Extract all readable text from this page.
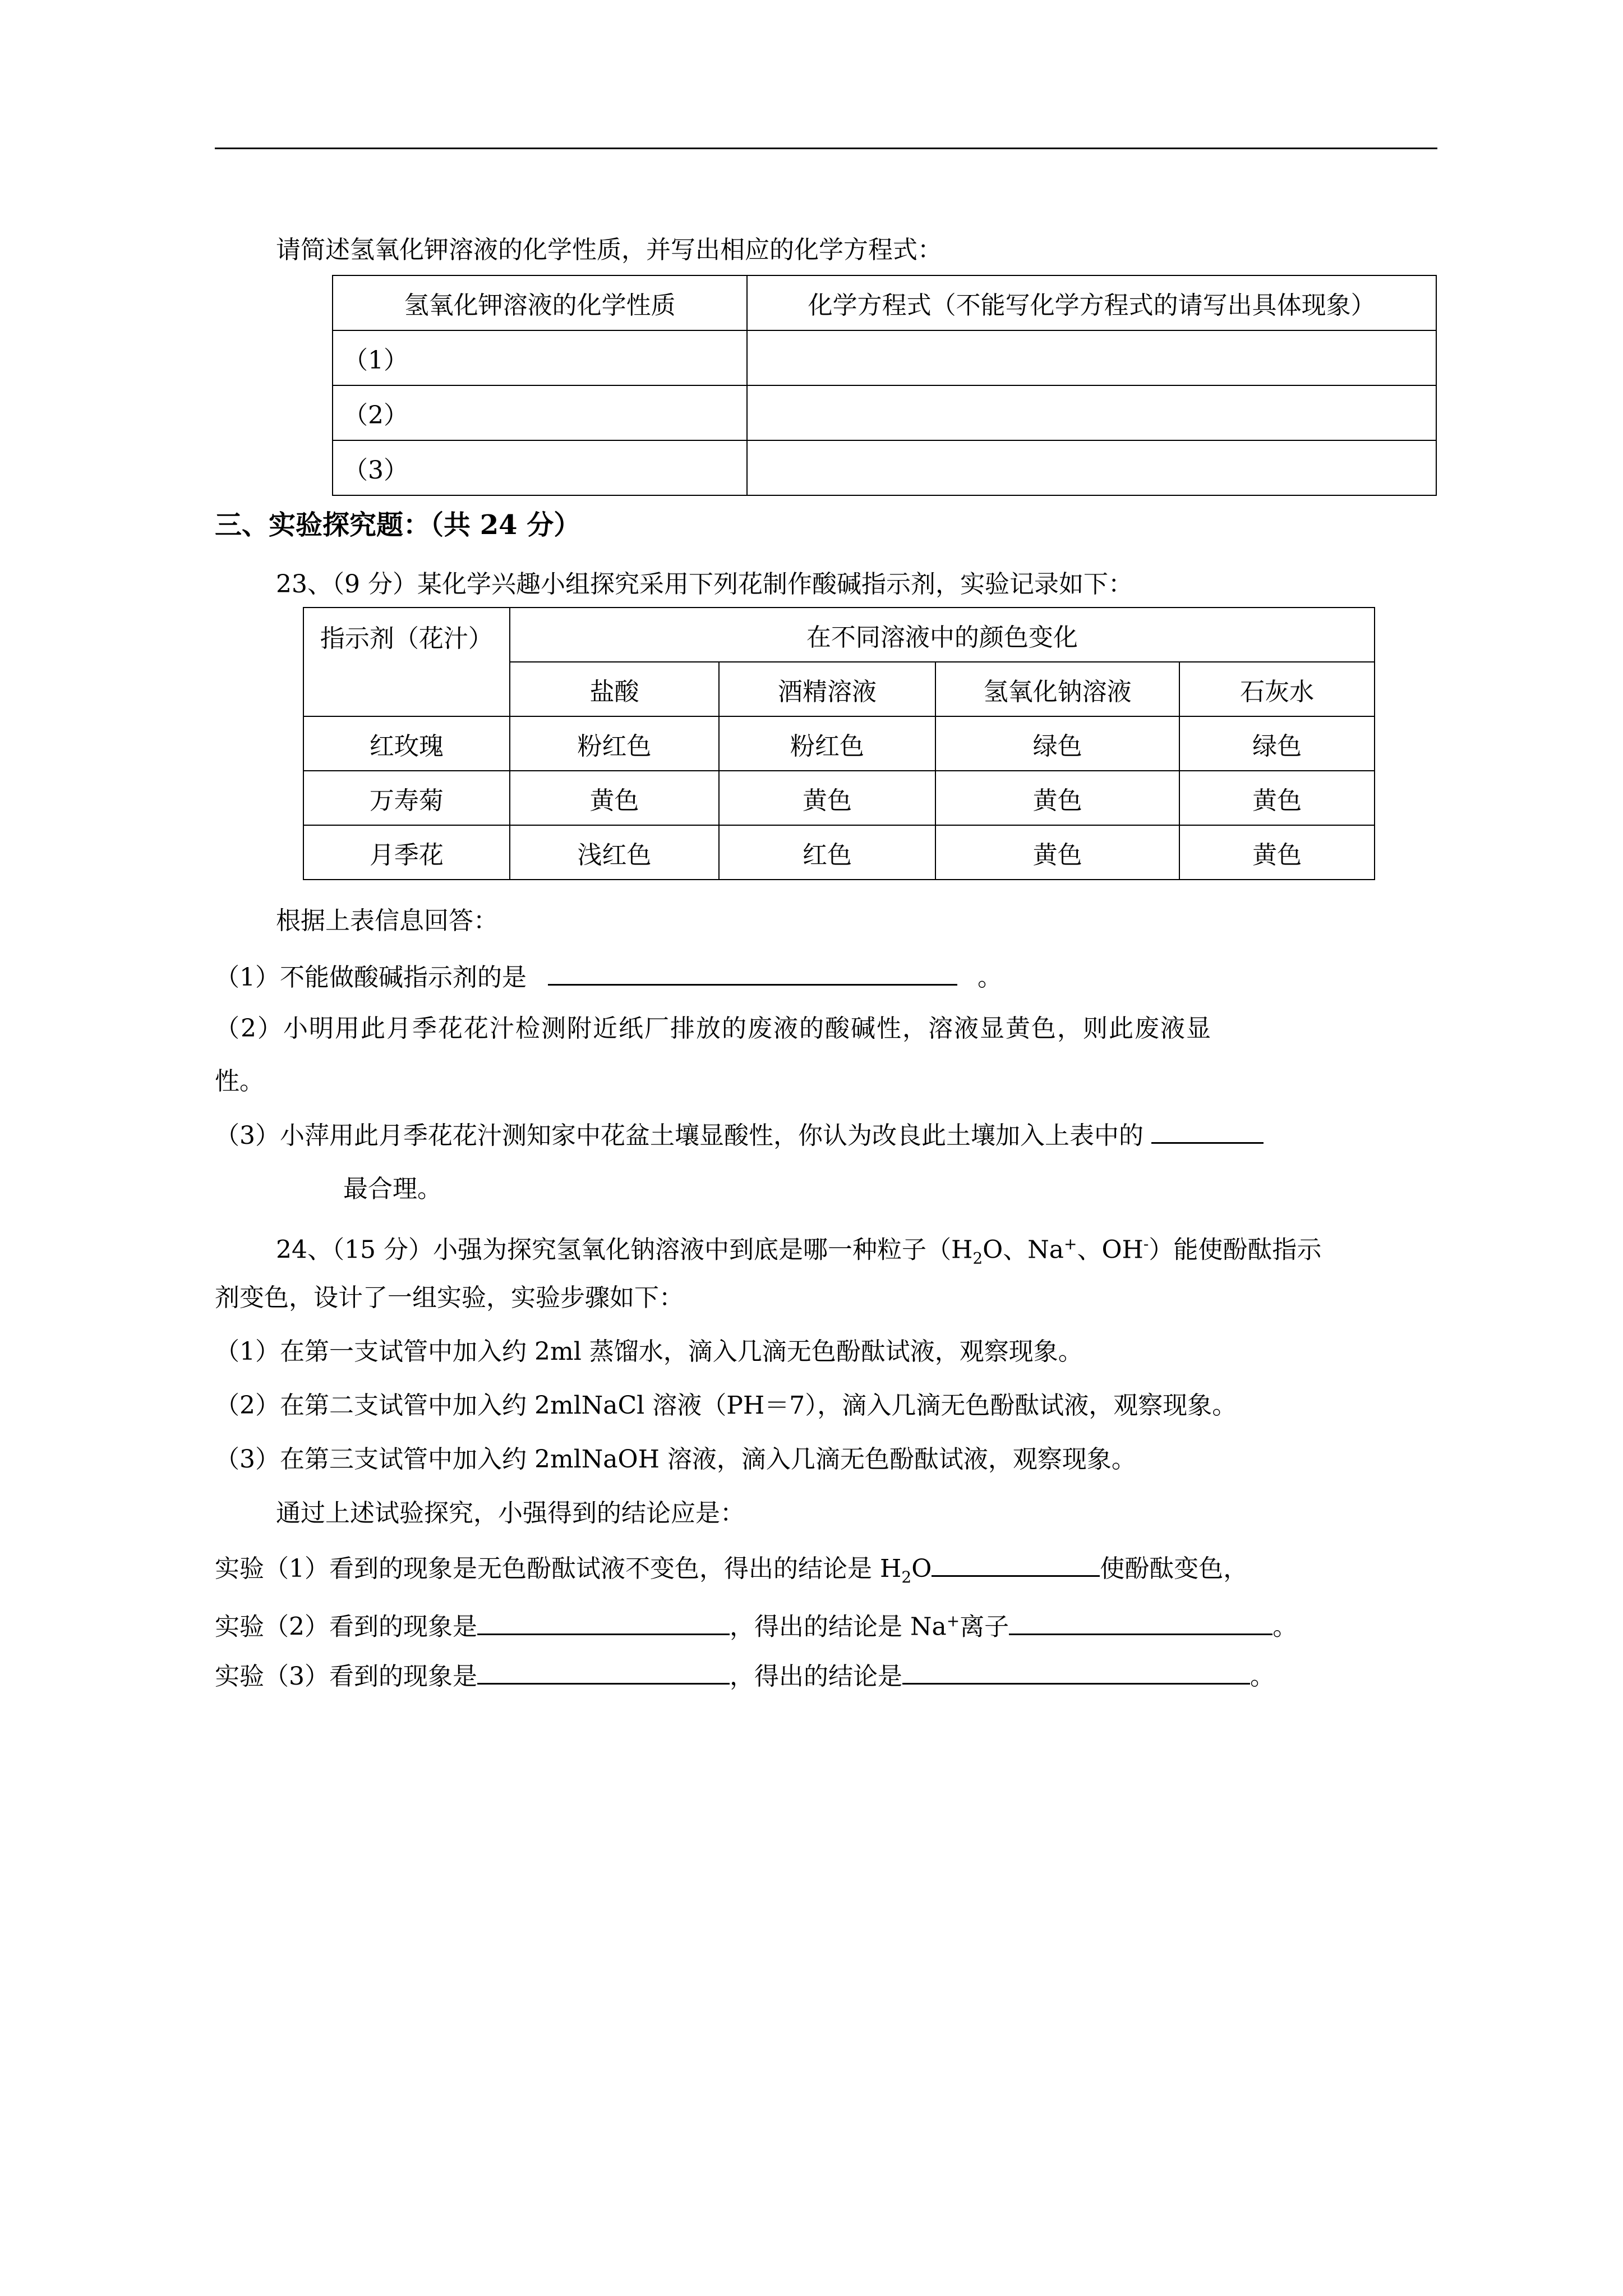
请简述氢氧化钾溶液的化学性质，并写出相应的化学方程式：
氢氧化钾溶液的化学性质	化学方程式（不能写化学方程式的请写出具体现象）
（1）	
（2）	
（3）	
三、实验探究题：（共 24 分）
23、（9 分）某化学兴趣小组探究采用下列花制作酸碱指示剂，实验记录如下：
指示剂（花汁）	在不同溶液中的颜色变化			
	盐酸	酒精溶液	氢氧化钠溶液	石灰水
红玫瑰	粉红色	粉红色	绿色	绿色
万寿菊	黄色	黄色	黄色	黄色
月季花	浅红色	红色	黄色	黄色
根据上表信息回答：
（1）不能做酸碱指示剂的是	。
（2）小明用此月季花花汁检测附近纸厂排放的废液的酸碱性，溶液显黄色，则此废液显
性。
（3）小萍用此月季花花汁测知家中花盆土壤显酸性，你认为改良此土壤加入上表中的
最合理。
24、（15 分）小强为探究氢氧化钠溶液中到底是哪一种粒子（$H_2O$、Na+、OH-）能使酚酞指示
剂变色，设计了一组实验，实验步骤如下：
（1）在第一支试管中加入约 2ml 蒸馏水，滴入几滴无色酚酞试液，观察现象。
（2）在第二支试管中加入约 2mlNaCl 溶液（PH＝7），滴入几滴无色酚酞试液，观察现象。
（3）在第三支试管中加入约 2mlNaOH 溶液，滴入几滴无色酚酞试液，观察现象。
通过上述试验探究，小强得到的结论应是：
实验（1）看到的现象是无色酚酞试液不变色，得出的结论是 $H_2O$	使酚酞变色，
实验（2）看到的现象是	，得出的结论是 Na+离子	。
实验（3）看到的现象是	，得出的结论是	。
